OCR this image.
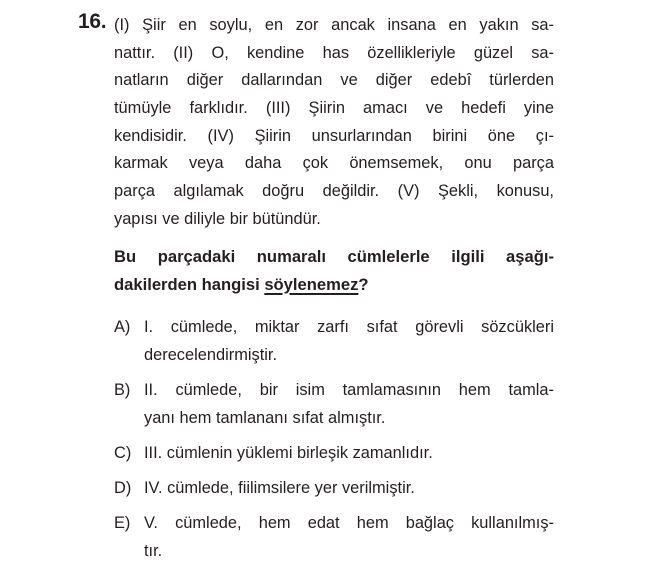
16. (I) Şiir en soylu, en zor ancak insana en yakın sa-
nattır. (II) O, kendine has özellikleriyle güzel sa-
natların diğer dallarından ve diğer edebî türlerden
tümüyle farklıdır. (III) Şiirin amacı ve hedefi yine
kendisidir. (IV) Şiirin unsurlarından birini öne çı-
karmak veya daha çok önemsemek, onu parça
parça algılamak doğru değildir. (V) Şekli, konusu,
yapısı ve diliyle bir bütündür.
Bu parçadaki numaralı cümlelerle ilgili aşağı-
dakilerden hangisi söylenemez?
A) I. cümlede, miktar zarfı sıfat görevli sözcükleri
derecelendirmiştir.
B) II. cümlede, bir isim tamlamasının hem tamla-
yanı hem tamlananı sıfat almıştır.
C) III. cümlenin yüklemi birleşik zamanlıdır.
D) IV. cümlede, fiilimsilere yer verilmiştir.
E) V. cümlede, hem edat hem bağlaç kullanılmış-
tır.
